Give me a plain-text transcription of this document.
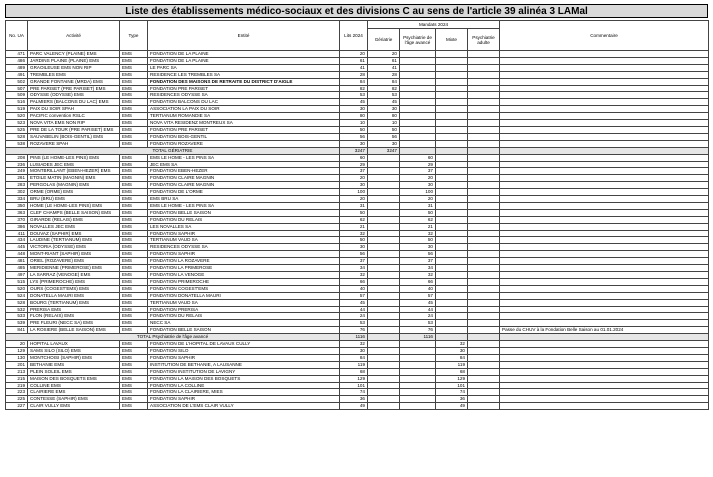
Liste des établissements médico-sociaux et des divisions C au sens de l'article 39 alinéa 3 LAMal
No. UA	Activité	Type	Entité	Lits 2024	Mandats 2024				Commentaire
					Gériatrie	Psychiatrie de l'âge avancé	Mixte	Psychiatrie adulte	
471	PARC VALENCY (PLAINE) EMS	EMS	FONDATION DE LA PLAINE	20	20				
486	JARDINS PLAINE (PLAINE) EMS	EMS	FONDATION DE LA PLAINE	61	61				
489	GRAOILEUSE EMS NON RIP	EMS	LE PARC SA	41	41				
491	TREMBLES EMS	EMS	RESIDENCE LES TREMBLES SA	28	28				
502	GRANDE FONTAINE (MRDA) EMS	EMS	FONDATION DES MAISONS DE RETRAITE DU DISTRICT D'AIGLE	84	84				
507	PRE PARISET (PRE PARISET) EMS	EMS	FONDATION PRE PARISET	82	82				
509	ODYSSE (ODYSSE) EMS	EMS	RESIDENCES ODYSSE SA	53	53				
516	PALMIERS (BALCONS DU LAC) EMS	EMS	FONDATION BALCONS DU LAC	45	45				
519	PAIX DU SOIR SPAH	EMS	ASSOCIATION LA PAIX DU SOIR	30	30				
520	PACIFIC convention RSLC	EMS	TERTIANUM ROMANDIE SA	80	80				
523	NOVA VITA EMS NON RIP	EMS	NOVA VITA RESIDENZ MONTREUX SA	10	10				
525	PRE DE LA TOUR (PRE PARISET) EMS	EMS	FONDATION PRE PARISET	50	50				
528	SAUVABELIN (BOIS-GENTIL) EMS	EMS	FONDATION BOIS-GENTIL	56	56				
538	ROZAVERE SPAH	EMS	FONDATION ROZAVERE	30	30				
TOTAL GÉRIATRIE				3247	3247				
208	PINS (LE HOME-LES PINS) EMS	EMS	EMS LE HOME - LES PINS SA	60		60			
236	LUSIADES JEC EMS	EMS	JEC EMS SA	29		29			
249	MONTBRILLANT (EBEN-HEZER) EMS	EMS	FONDATION EBEN-HEZER	37		37			
261	ETOILE MATIN (MAGNIN) EMS	EMS	FONDATION CLAIRE MAGNIN	20		20			
283	PERGOLAS (MAGNIN) EMS	EMS	FONDATION CLAIRE MAGNIN	30		30			
302	ORME (ORME) EMS	EMS	FONDATION DE L'ORME	100		100			
334	BRU (BRU) EMS	EMS	EMS BRU SA	20		20			
350	HOME (LE HOME-LES PINS) EMS	EMS	EMS LE HOME - LES PINS SA	31		31			
363	CLEF CHAMPS (BELLE SAISON) EMS	EMS	FONDATION BELLE SAISON	50		50			
370	GIRARDE (RELAIS) EMS	EMS	FONDATION DU RELAIS	62		62			
386	NOVALLES JEC EMS	EMS	LES NOVALLES SA	21		21			
411	DOUVAZ (SAPHIR) EMS	EMS	FONDATION SAPHIR	32		32			
434	LAUDINE (TERTIANUM) EMS	EMS	TERTIANUM VAUD SA	50		50			
445	VICTORIA (ODYSSE) EMS	EMS	RESIDENCES ODYSSE SA	30		30			
448	MONT-RIANT (SAPHIR) EMS	EMS	FONDATION SAPHIR	56		56			
481	ORIEL (ROZAVERE) EMS	EMS	FONDATION LA ROZAVERE	37		37			
485	MERIDIENNE (PRIMEROSE) EMS	EMS	FONDATION LA PRIMEROSE	34		34			
497	LA SARRAZ (VENOGE) EMS	EMS	FONDATION LA VENOGE	32		32			
515	LYS (PRIMEROCHE) EMS	EMS	FONDATION PRIMEROCHE	66		66			
520	OURS (COGEST'EMS) EMS	EMS	FONDATION COGEST'EMS	40		40			
524	DONATELLA MAURI EMS	EMS	FONDATION DONATELLA MAURI	57		57			
528	BOURG (TERTIANUM) EMS	EMS	TERTIANUM VAUD SA	45		45			
532	PRERISA EMS	EMS	FONDATION PRERISA	44		44			
533	FLON (RELAIS) EMS	EMS	FONDATION DU RELAIS	24		24			
539	PRE FLEURI (NECC SA) EMS	EMS	NECC SA	53		53			
841	LA ROSIERE (BELLE SAISON) EMS	EMS	FONDATION BELLE SAISON	76		76			Passe du CHUV à la Fondation Belle Saison au 01.01.2024
TOTAL Psychiatrie de l'âge avancé				1116		1116			
20	HOPITAL LAVAUX	EMS	FONDATION DE L'HOPITAL DE LAVAUX CULLY	32			32		
129	SAMS SILO (SILO) EMS	EMS	FONDATION SILO	30			30		
130	MONTCHOISI (SAPHIR) EMS	EMS	FONDATION SAPHIR	84			84		
201	BETHANIE EMS	EMS	INSTITUTION DE BETHANIE, A LAUSANNE	119			119		
213	PLEIN SOLEIL EMS	EMS	FONDATION INSTITUTION DE LAVIGNY	68			68		
215	MAISON DES BOSQUETS EMS	EMS	FONDATION LA MAISON DES BOSQUETS	129			129		
219	COLLINE EMS	EMS	FONDATION LA COLLINE	101			101		
223	CLAIRIERE EMS	EMS	FONDATION LA CLAIRIERE, MIES	74			74		
225	CONTESSE (SAPHIR) EMS	EMS	FONDATION SAPHIR	36			36		
227	CLAIR VULLY EMS	EMS	ASSOCIATION DE L'EMS CLAIR VULLY	49			49		
